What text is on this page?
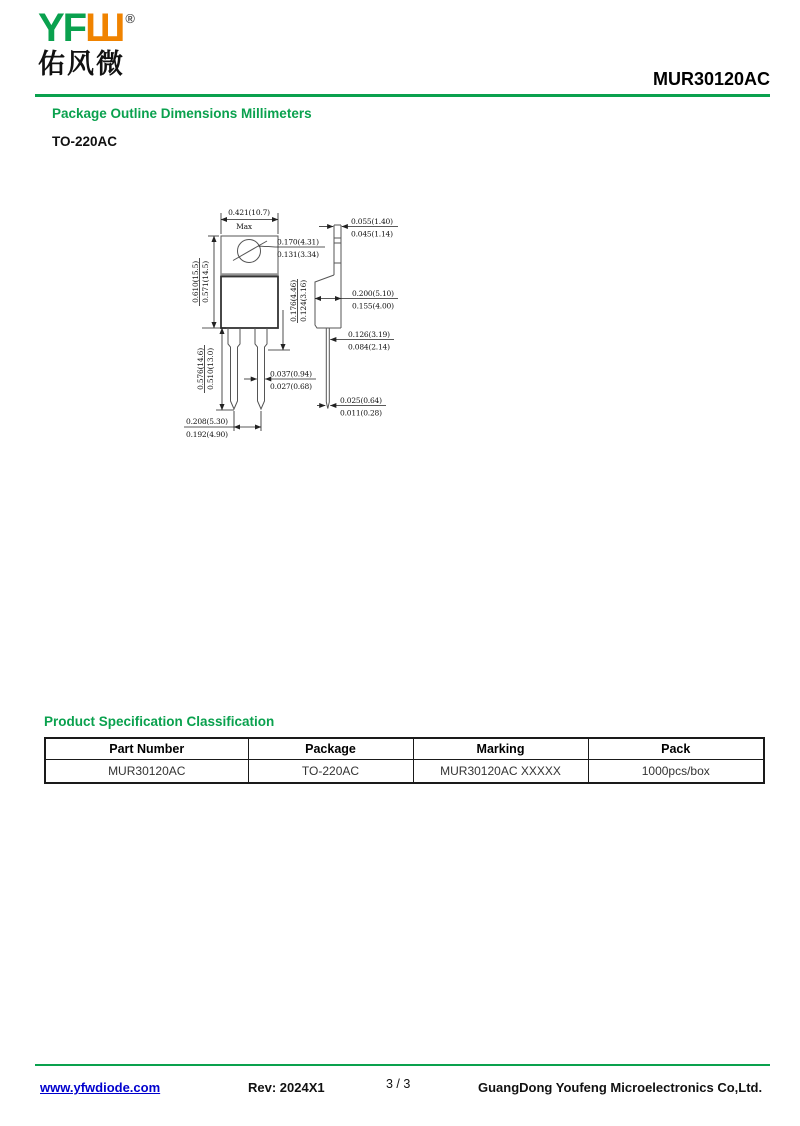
YFШ ®
佑风微	MUR30120AC
Package Outline Dimensions Millimeters
TO-220AC
0.421(10.7)
Max
0.170(4.31)
0.131(3.34)
0.610(15.5) 0.571(14.5)
0.576(14.6) 0.510(13.0)
0.176(4.46) 0.124(3.16)
0.037(0.94)
0.027(0.68)
0.208(5.30)
0.192(4.90)
0.055(1.40)
0.045(1.14)
0.200(5.10)
0.155(4.00)
0.126(3.19)
0.084(2.14)
0.025(0.64)
0.011(0.28)
Product Specification Classification
Part Number	Package	Marking	Pack
MUR30120AC	TO-220AC	MUR30120AC XXXXX	1000pcs/box
www.yfwdiode.com	Rev: 2024X1	3 / 3	GuangDong Youfeng Microelectronics Co,Ltd.
